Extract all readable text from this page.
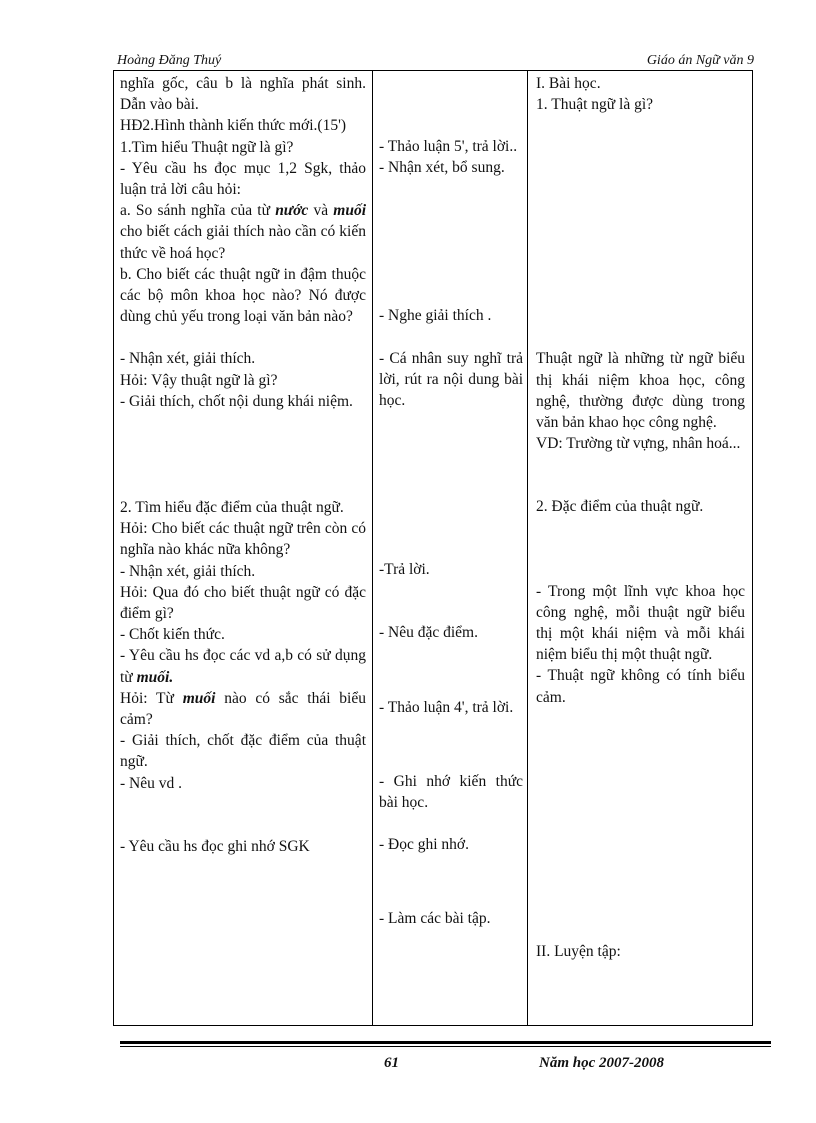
Hoàng Đăng Thuý	Giáo án Ngữ văn 9

nghĩa gốc, câu b là nghĩa phát sinh. Dẫn vào bài.

HĐ2.Hình thành kiến thức mới.(15')

1.Tìm hiểu Thuật ngữ là gì?

- Yêu cầu hs đọc mục 1,2 Sgk, thảo luận trả lời câu hỏi:

a. So sánh nghĩa của từ nước và muối cho biết cách giải thích nào cần có kiến thức về hoá học?

b. Cho biết các thuật ngữ in đậm thuộc các bộ môn khoa học nào? Nó được dùng chủ yếu trong loại văn bản nào?

- Nhận xét, giải thích.

Hỏi: Vậy thuật ngữ là gì?

- Giải thích, chốt nội dung khái niệm.

2. Tìm hiểu đặc điểm của thuật ngữ.

Hỏi: Cho biết các thuật ngữ trên còn có nghĩa nào khác nữa không?

- Nhận xét, giải thích.

Hỏi: Qua đó cho biết thuật ngữ có đặc điểm gì?

- Chốt kiến thức.

- Yêu cầu hs đọc các vd a,b có sử dụng từ muối.

Hỏi: Từ muối nào có sắc thái biểu cảm?

- Giải thích, chốt đặc điểm của thuật ngữ.

- Nêu vd .

- Yêu cầu hs đọc ghi nhớ SGK

- Thảo luận 5', trả lời..

- Nhận xét, bổ sung.

- Nghe giải thích .

- Cá nhân suy nghĩ trả lời, rút ra nội dung bài học.

-Trả lời.

- Nêu đặc điểm.

- Thảo luận 4', trả lời.

- Ghi nhớ kiến thức bài học.

- Đọc ghi nhớ.

- Làm các bài tập.

I. Bài học.

1. Thuật ngữ là gì?

Thuật ngữ là những từ ngữ biểu thị khái niệm khoa học, công nghệ, thường được dùng trong văn bản khao học công nghệ.

VD: Trường từ vựng, nhân hoá...

2. Đặc điểm của thuật ngữ.

- Trong một lĩnh vực khoa học công nghệ, mỗi thuật ngữ biểu thị một khái niệm và mỗi khái niệm biểu thị một thuật ngữ.

- Thuật ngữ không có tính biểu cảm.

II. Luyện tập:

61	Năm học 2007-2008
